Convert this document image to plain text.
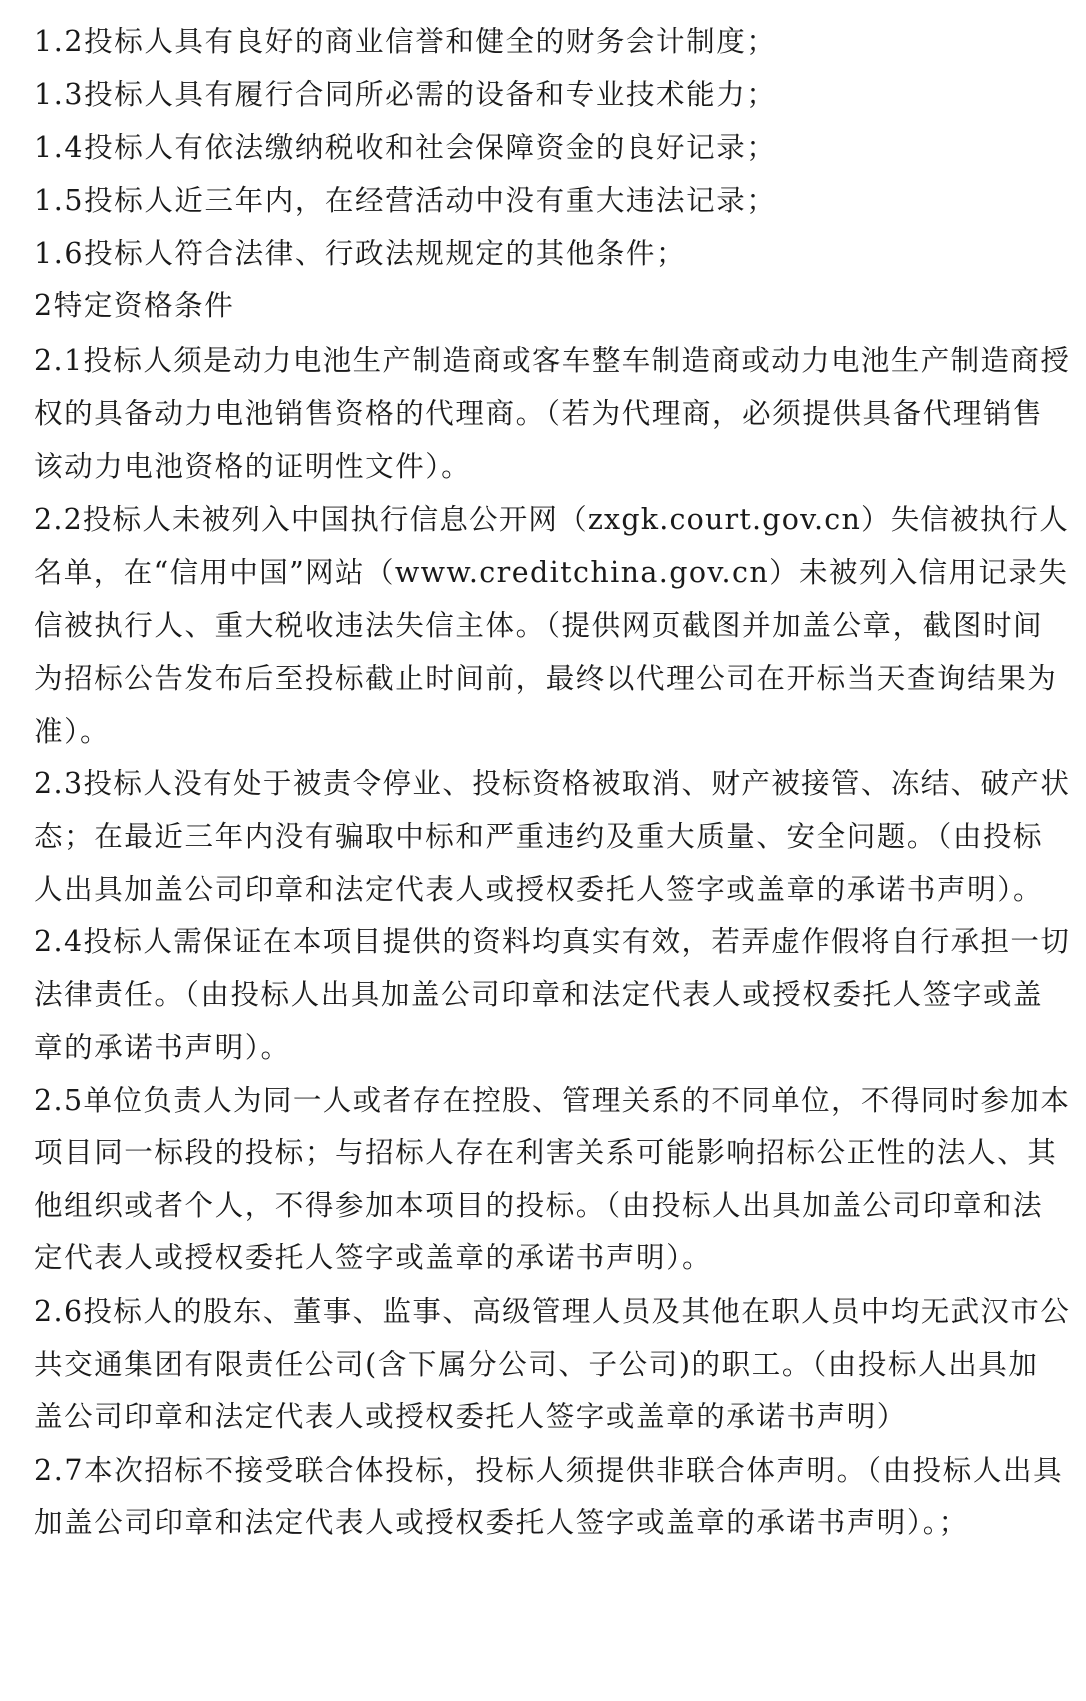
1.2投标人具有良好的商业信誉和健全的财务会计制度；

1.3投标人具有履行合同所必需的设备和专业技术能力；

1.4投标人有依法缴纳税收和社会保障资金的良好记录；

1.5投标人近三年内，在经营活动中没有重大违法记录；

1.6投标人符合法律、行政法规规定的其他条件；

2特定资格条件

2.1投标人须是动力电池生产制造商或客车整车制造商或动力电池生产制造商授

权的具备动力电池销售资格的代理商。（若为代理商，必须提供具备代理销售

该动力电池资格的证明性文件）。

2.2投标人未被列入中国执行信息公开网（zxgk.court.gov.cn）失信被执行人

名单，在“信用中国”网站（www.creditchina.gov.cn）未被列入信用记录失

信被执行人、重大税收违法失信主体。（提供网页截图并加盖公章，截图时间

为招标公告发布后至投标截止时间前，最终以代理公司在开标当天查询结果为

准）。

2.3投标人没有处于被责令停业、投标资格被取消、财产被接管、冻结、破产状

态；在最近三年内没有骗取中标和严重违约及重大质量、安全问题。（由投标

人出具加盖公司印章和法定代表人或授权委托人签字或盖章的承诺书声明）。

2.4投标人需保证在本项目提供的资料均真实有效，若弄虚作假将自行承担一切

法律责任。（由投标人出具加盖公司印章和法定代表人或授权委托人签字或盖

章的承诺书声明）。

2.5单位负责人为同一人或者存在控股、管理关系的不同单位，不得同时参加本

项目同一标段的投标；与招标人存在利害关系可能影响招标公正性的法人、其

他组织或者个人，不得参加本项目的投标。（由投标人出具加盖公司印章和法

定代表人或授权委托人签字或盖章的承诺书声明）。

2.6投标人的股东、董事、监事、高级管理人员及其他在职人员中均无武汉市公

共交通集团有限责任公司(含下属分公司、子公司)的职工。（由投标人出具加

盖公司印章和法定代表人或授权委托人签字或盖章的承诺书声明）

2.7本次招标不接受联合体投标，投标人须提供非联合体声明。（由投标人出具

加盖公司印章和法定代表人或授权委托人签字或盖章的承诺书声明）。；
